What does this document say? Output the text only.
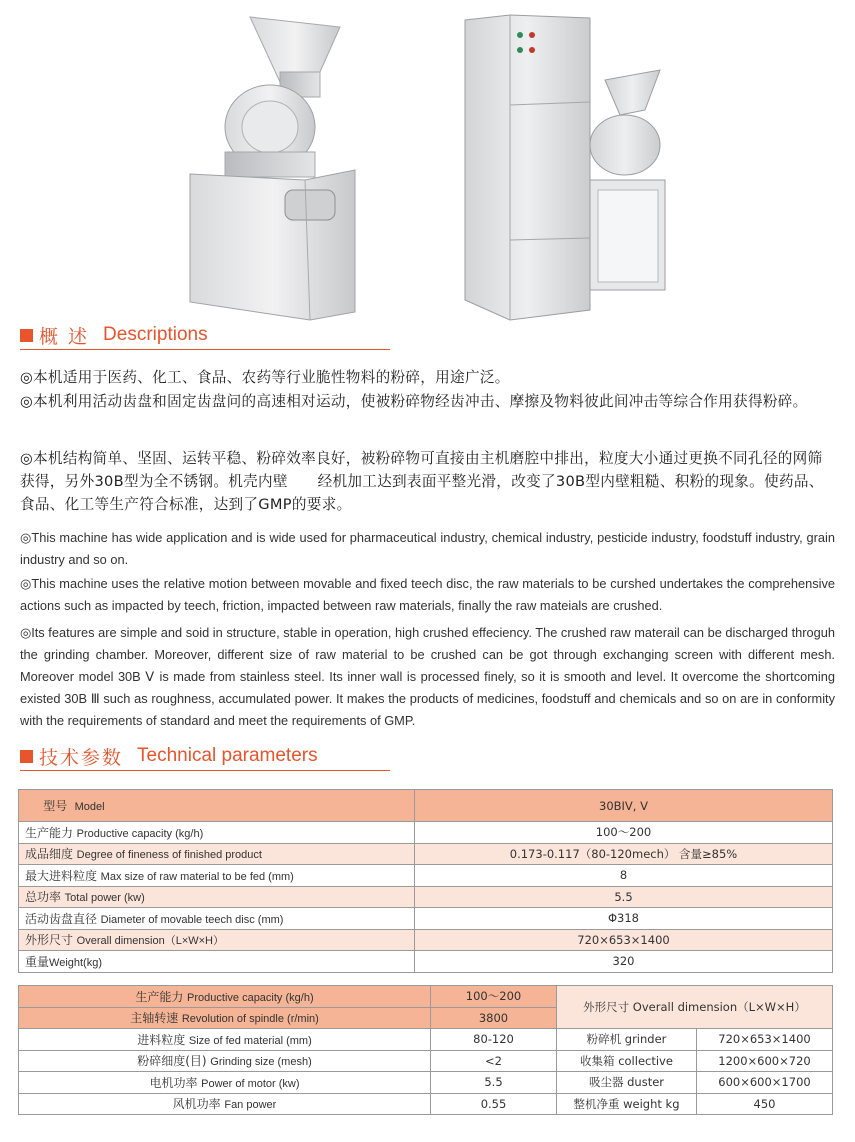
概 述 Descriptions

◎本机适用于医药、化工、食品、农药等行业脆性物料的粉碎，用途广泛。

◎本机利用活动齿盘和固定齿盘问的高速相对运动，使被粉碎物经齿冲击、摩擦及物料彼此间冲击等综合作用获得粉碎。

◎本机结构简单、坚固、运转平稳、粉碎效率良好，被粉碎物可直接由主机磨腔中排出，粒度大小通过更换不同孔径的网筛获得，另外30B型为全不锈钢。机壳内壁　　经机加工达到表面平整光滑，改变了30B型内壁粗糙、积粉的现象。使药品、食品、化工等生产符合标准，达到了GMP的要求。

◎This machine has wide application and is wide used for pharmaceutical industry, chemical industry, pesticide industry, foodstuff industry, grain industry and so on.

◎This machine uses the relative motion between movable and fixed teech disc, the raw materials to be curshed undertakes the comprehensive actions such as impacted by teech, friction, impacted between raw materials, finally the raw mateials are crushed.

◎Its features are simple and soid in structure, stable in operation, high crushed effeciency. The crushed raw materail can be discharged throguh the grinding chamber. Moreover, different size of raw material to be crushed can be got through exchanging screen with different mesh. Moreover model 30B Ⅴ is made from stainless steel. Its inner wall is processed finely, so it is smooth and level. It overcome the shortcoming existed 30B Ⅲ such as roughness, accumulated power. It makes the products of medicines, foodstuff and chemicals and so on are in conformity with the requirements of standard and meet the requirements of GMP.

技术参数 Technical parameters
型号 Model	30BIV, V
生产能力 Productive capacity (kg/h)	100～200
成品细度 Degree of fineness of finished product	0.173-0.117（80-120mech） 含量≥85%
最大进料粒度 Max size of raw material to be fed (mm)	8
总功率 Total power (kw)	5.5
活动齿盘直径 Diameter of movable teech disc (mm)	Φ318
外形尺寸 Overall dimension（L×W×H）	720×653×1400
重量Weight(kg)	320
生产能力 Productive capacity (kg/h)	100～200	外形尺寸 Overall dimension（L×W×H）	
主轴转速 Revolution of spindle (r/min)	3800		
进料粒度 Size of fed material (mm)	80-120	粉碎机 grinder	720×653×1400
粉碎细度(目) Grinding size (mesh)	<2	收集箱 collective	1200×600×720
电机功率 Power of motor (kw)	5.5	吸尘器 duster	600×600×1700
风机功率 Fan power	0.55	整机净重 weight kg	450
